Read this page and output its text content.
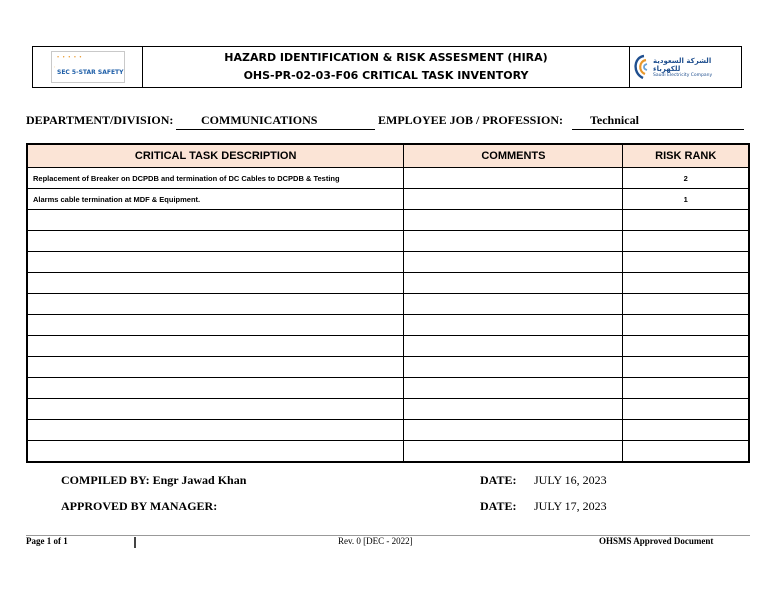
• • • • •
SEC 5-STAR SAFETY
HAZARD IDENTIFICATION & RISK ASSESMENT (HIRA)
OHS-PR-02-03-F06 CRITICAL TASK INVENTORY
الشركة السعودية للكهرباء
Saudi Electricity Company
DEPARTMENT/DIVISION: COMMUNICATIONS	EMPLOYEE JOB / PROFESSION: Technical
CRITICAL TASK DESCRIPTION	COMMENTS	RISK RANK
Replacement of Breaker on DCPDB and termination of DC Cables to DCPDB & Testing		2
Alarms cable termination at MDF & Equipment.		1

COMPILED BY: Engr Jawad Khan	DATE: JULY 16, 2023
APPROVED BY MANAGER:	DATE: JULY 17, 2023
Page 1 of 1	Rev. 0 [DEC - 2022]	OHSMS Approved Document
